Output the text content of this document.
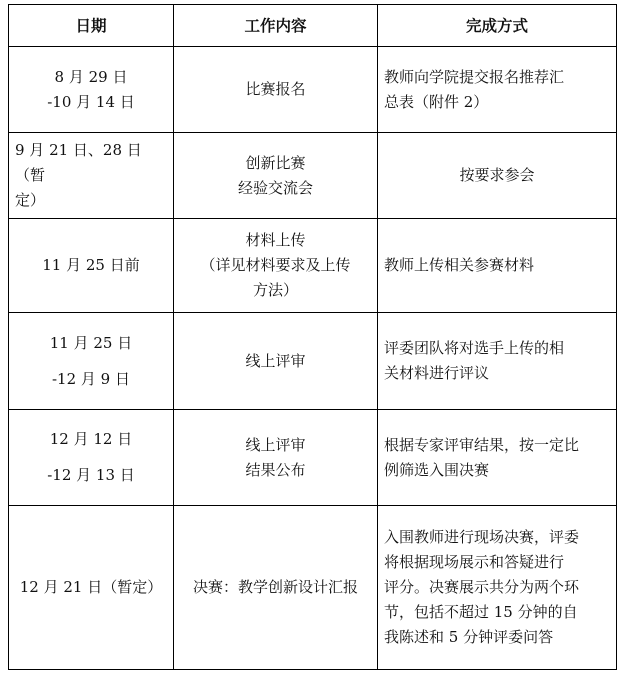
日期	工作内容	完成方式

8 月 29 日
-10 月 14 日	比赛报名	教师向学院提交报名推荐汇
总表（附件 2）

9 月 21 日、28 日（暂
定）	创新比赛
经验交流会	按要求参会

11 月 25 日前	材料上传
（详见材料要求及上传
方法）	教师上传相关参赛材料

11 月 25 日
-12 月 9 日	线上评审	评委团队将对选手上传的相
关材料进行评议

12 月 12 日
-12 月 13 日	线上评审
结果公布	根据专家评审结果，按一定比
例筛选入围决赛

12 月 21 日（暂定）	决赛：教学创新设计汇报	入围教师进行现场决赛，评委
将根据现场展示和答疑进行
评分。决赛展示共分为两个环
节，包括不超过 15 分钟的自
我陈述和 5 分钟评委问答
